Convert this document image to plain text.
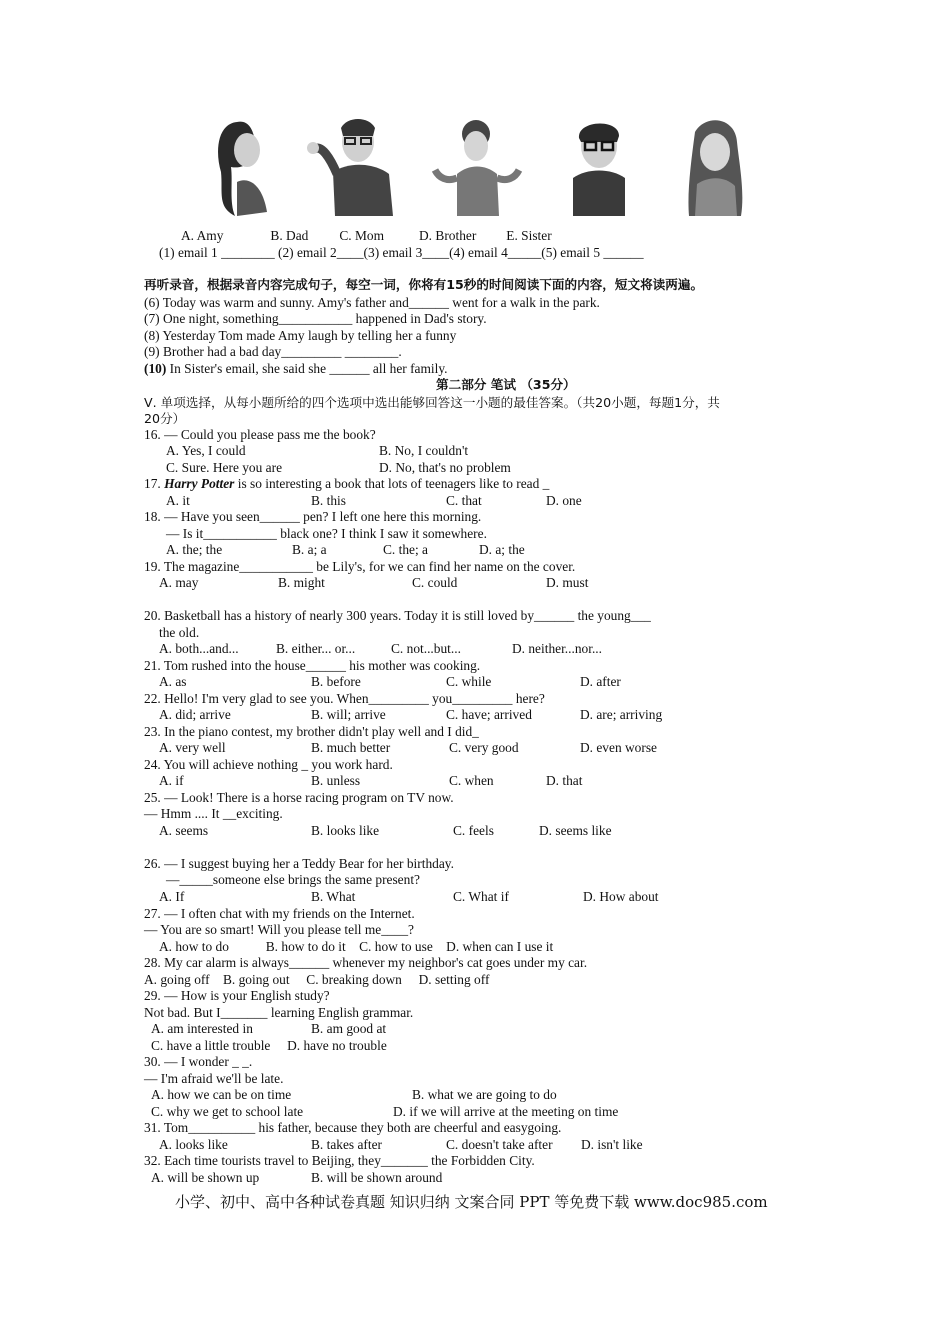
A. Amy	B. Dad C. Mom	D. Brother E. Sister
(1) email 1 ________ (2) email 2____(3) email 3____(4) email 4_____(5) email 5 ______
再听录音，根据录音内容完成句子，每空一词，你将有15秒的时间阅读下面的内容，短文将读两遍。
(6) Today was warm and sunny. Amy's father and______ went for a walk in the park.
(7) One night, something___________ happened in Dad's story.
(8) Yesterday Tom made Amy laugh by telling her a funny
(9) Brother had a bad day_________ ________.
(10) In Sister's email, she said she ______ all her family.
第二部分 笔试 （35分）
Ⅴ. 单项选择，从每小题所给的四个选项中选出能够回答这一小题的最佳答案。（共20小题，每题1分，共
20分）
16. — Could you please pass me the book?
A. Yes, I could	B. No, I couldn't
C. Sure. Here you are	D. No, that's no problem
17. Harry Potter is so interesting a book that lots of teenagers like to read _
A. it	B. this	C. that	D. one
18. — Have you seen______ pen? I left one here this morning.
— Is it___________ black one? I think I saw it somewhere.
A. the; the	B. a; a	C. the; a	D. a; the
19. The magazine___________ be Lily's, for we can find her name on the cover.
A. may	B. might	C. could	D. must
20. Basketball has a history of nearly 300 years. Today it is still loved by______ the young___
the old.
A. both...and...	B. either... or...	C. not...but...	D. neither...nor...
21. Tom rushed into the house______ his mother was cooking.
A. as	B. before	C. while	D. after
22. Hello! I'm very glad to see you. When_________ you_________ here?
A. did; arrive	B. will; arrive	C. have; arrived	D. are; arriving
23. In the piano contest, my brother didn't play well and I did_
A. very well	B. much better	C. very good	D. even worse
24. You will achieve nothing _ you work hard.
A. if	B. unless	C. when	D. that
25. — Look! There is a horse racing program on TV now.
— Hmm .... It __exciting.
A. seems	B. looks like	C. feels	D. seems like
26. — I suggest buying her a Teddy Bear for her birthday.
—_____someone else brings the same present?
A. If	B. What	C. What if	D. How about
27. — I often chat with my friends on the Internet.
— You are so smart! Will you please tell me____?
A. how to do           B. how to do it    C. how to use    D. when can I use it
28. My car alarm is always______ whenever my neighbor's cat goes under my car.
A. going off    B. going out     C. breaking down     D. setting off
29. — How is your English study?
Not bad. But I_______ learning English grammar.
A. am interested in	B. am good at
C. have a little trouble     D. have no trouble
30. — I wonder _ _.
— I'm afraid we'll be late.
A. how we can be on time	B. what we are going to do
C. why we get to school late	D. if we will arrive at the meeting on time
31. Tom__________ his father, because they both are cheerful and easygoing.
A. looks like	B. takes after	C. doesn't take after D. isn't like
32. Each time tourists travel to Beijing, they_______ the Forbidden City.
A. will be shown up	B. will be shown around
小学、初中、高中各种试卷真题 知识归纳 文案合同 PPT 等免费下载 www.doc985.com
